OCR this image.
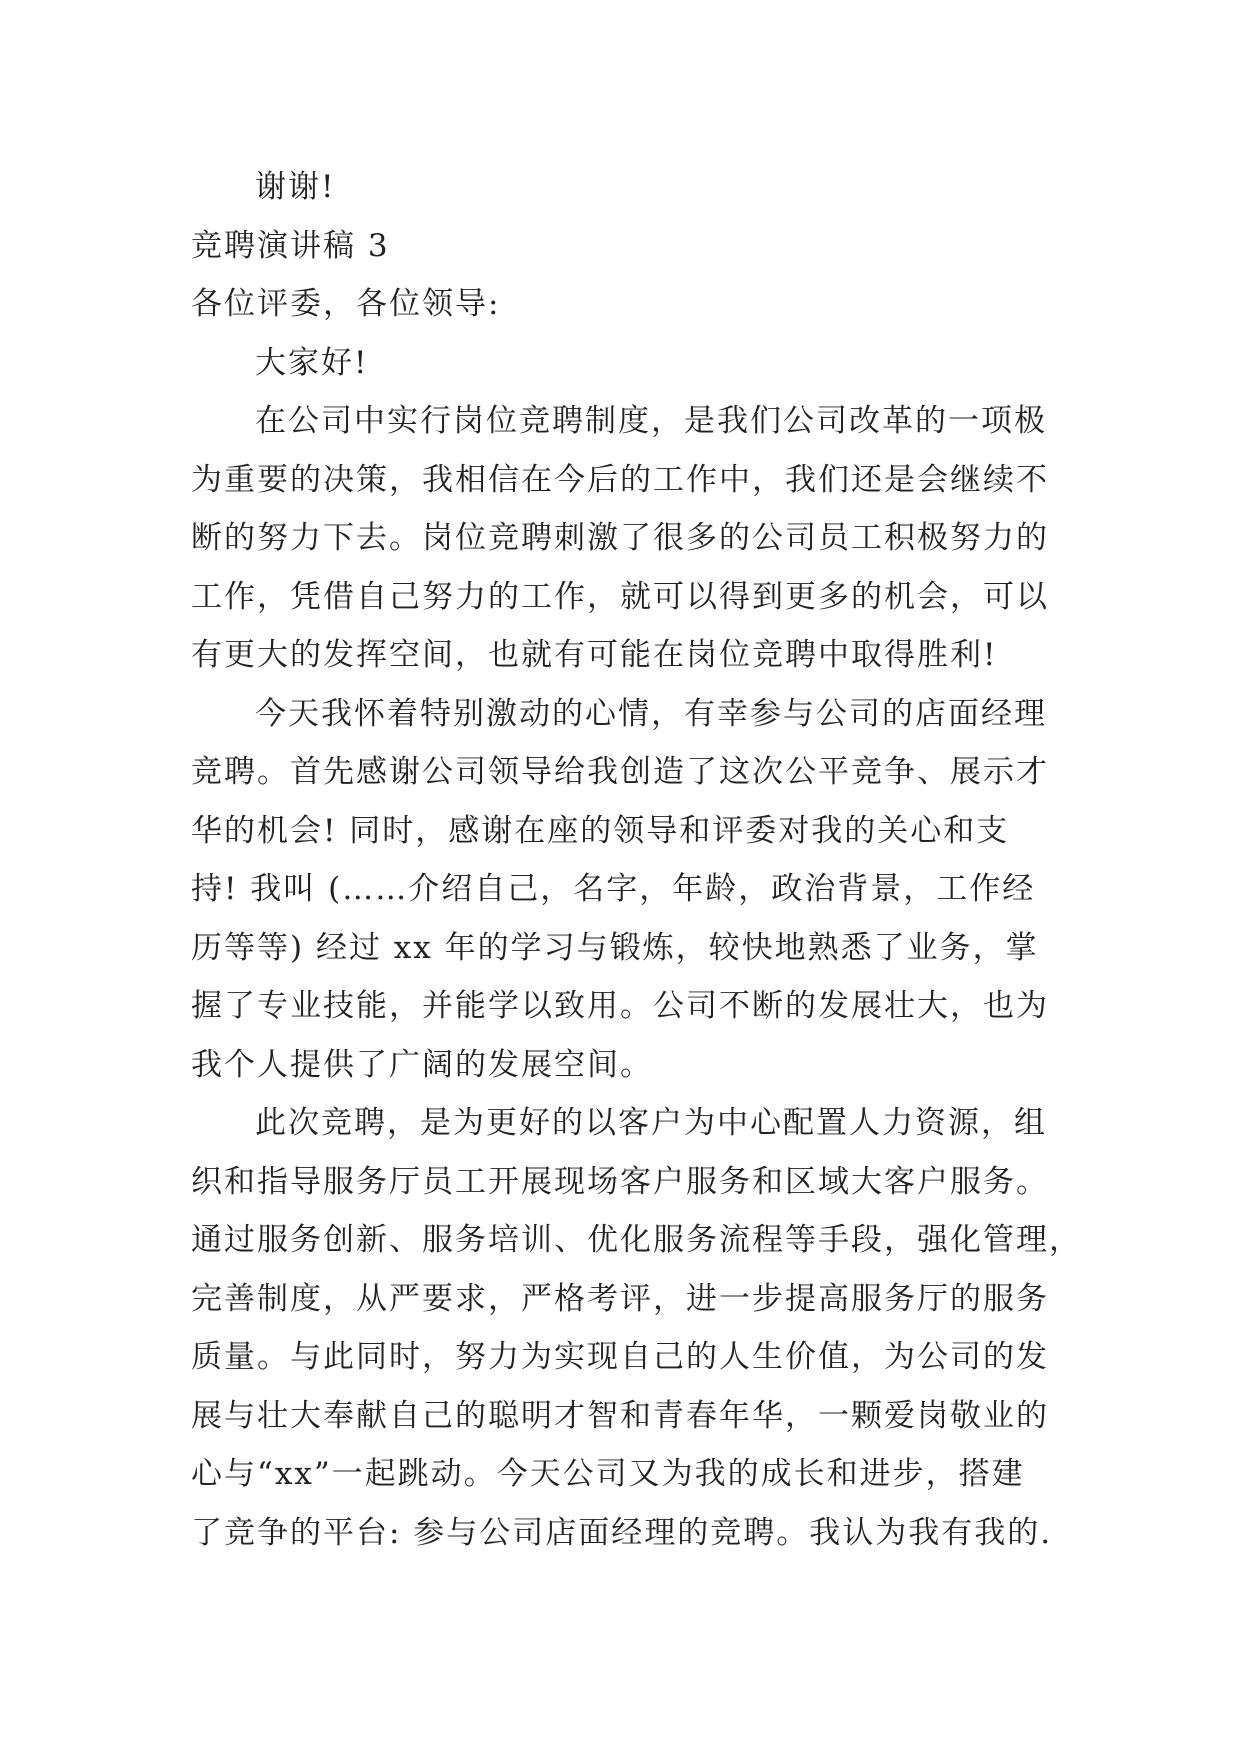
谢谢!
竞聘演讲稿 3
各位评委，各位领导:
大家好!
在公司中实行岗位竞聘制度，是我们公司改革的一项极
为重要的决策，我相信在今后的工作中，我们还是会继续不
断的努力下去。岗位竞聘刺激了很多的公司员工积极努力的
工作，凭借自己努力的工作，就可以得到更多的机会，可以
有更大的发挥空间，也就有可能在岗位竞聘中取得胜利!
今天我怀着特别激动的心情，有幸参与公司的店面经理
竞聘。首先感谢公司领导给我创造了这次公平竞争、展示才
华的机会! 同时，感谢在座的领导和评委对我的关心和支
持! 我叫 (……介绍自己，名字，年龄，政治背景，工作经
历等等) 经过 xx 年的学习与锻炼，较快地熟悉了业务，掌
握了专业技能，并能学以致用。公司不断的发展壮大，也为
我个人提供了广阔的发展空间。
此次竞聘，是为更好的以客户为中心配置人力资源，组
织和指导服务厅员工开展现场客户服务和区域大客户服务。
通过服务创新、服务培训、优化服务流程等手段，强化管理，
完善制度，从严要求，严格考评，进一步提高服务厅的服务
质量。与此同时，努力为实现自己的人生价值，为公司的发
展与壮大奉献自己的聪明才智和青春年华，一颗爱岗敬业的
心与“xx”一起跳动。今天公司又为我的成长和进步，搭建
了竞争的平台: 参与公司店面经理的竞聘。我认为我有我的.
